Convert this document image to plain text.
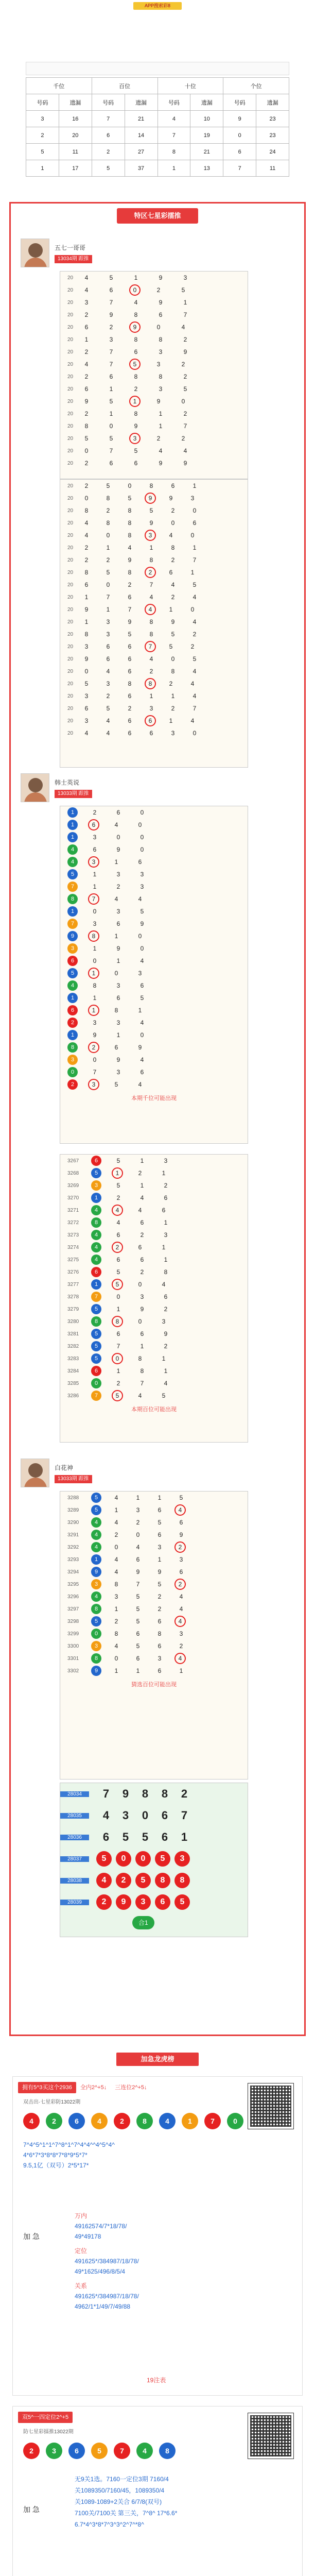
APP搜索彩8
千位		百位		十位		个位	
号码	遗漏	号码	遗漏	号码	遗漏	号码	遗漏
3	16	7	21	4	10	9	23
2	20	6	14	7	19	0	23
5	11	2	27	8	21	6	24
1	17	5	37	1	13	7	11
特区七星彩擂推
五七一哥哥
13034期 跟推
20	4	5	1	9	3
20	4	6	0	2	5
20	3	7	4	9	1
20	2	9	8	6	7
20	6	2	9	0	4
20	1	3	8	8	2
20	2	7	6	3	9
20	4	7	5	3	2
20	2	6	8	8	2
20	6	1	2	3	5
20	9	5	1	9	0
20	2	1	8	1	2
20	8	0	9	1	7
20	5	5	3	2	2
20	0	7	5	4	4
20	2	6	6	9	9
20	2	5	0	8	6	1
20	0	8	5	9	9	3
20	8	2	8	5	2	0
20	4	8	8	9	0	6
20	4	0	8	3	4	0
20	2	1	4	1	8	1
20	2	2	9	8	2	7
20	8	5	8	2	6	1
20	6	0	2	7	4	5
20	1	7	6	4	2	4
20	9	1	7	4	1	0
20	1	3	9	8	9	4
20	8	3	5	8	5	2
20	3	6	6	7	5	2
20	9	6	6	4	0	5
20	0	4	6	2	8	4
20	5	3	8	8	2	4
20	3	2	6	1	1	4
20	6	5	2	3	2	7
20	3	4	6	6	1	4
20	4	4	6	6	3	0
韩士英说
13033期 跟推
1	2	6	0
1	6	4	0
1	3	0	0
4	6	9	0
4	3	1	6
5	1	3	3
7	1	2	3
8	7	4	4
1	0	3	5
7	3	6	9
9	8	1	0
3	1	9	0
6	0	1	4
5	1	0	3
4	8	3	6
1	1	6	5
6	1	8	1
2	3	3	4
1	9	1	0
8	2	6	9
3	0	9	4
0	7	3	6
2	3	5	4
本期千位可能出现
3267	6	5	1	3
3268	5	1	2	1
3269	3	5	1	2
3270	1	2	4	6
3271	4	4	4	6
3272	8	4	6	1
3273	4	6	2	3
3274	4	2	6	1
3275	4	6	6	1
3276	6	5	2	8
3277	1	5	0	4
3278	7	0	3	6
3279	5	1	9	2
3280	8	8	0	3
3281	5	6	6	9
3282	5	7	1	2
3283	5	0	8	1
3284	6	1	8	1
3285	0	2	7	4
3286	7	5	4	5
本期百位可能出现
白花神
13033期 跟推
3288	5	4	1	1	5
3289	5	1	3	6	4
3290	4	4	2	5	6
3291	4	2	0	6	9
3292	4	0	4	3	2
3293	1	4	6	1	3
3294	9	4	9	9	6
3295	3	8	7	5	2
3296	4	3	5	2	4
3297	8	1	5	2	4
3298	5	2	5	6	4
3299	0	8	6	8	3
3300	3	4	5	6	2
3301	8	0	6	3	4
3302	9	1	1	6	1
猜选百位可能出现
28034	7	9	8	8	2
28035	4	3	0	6	7
28036	6	5	5	6	1
28037	5	0	0	5	3
28038	4	2	5	8	8
28039	2	9	3	6	5
合1
加急龙虎榜
拥有5^3买这个2936	全内2^+5↓	三连位2^+5↓
双击出·七星彩防13022期
4	2	6	4	2	8	4	1	7	0
7^4^5^1^1^7^8^1^7^4^4^^4^5^4^
4*6*7*3*8*8*7*8*9*5*7*
9.5,1亿（双号）2*5*17*
加 急
万内
49162574/7*18/78/
49*49178
定位
491625*/384987/18/78/
49*1625/496/8/5/4
关系
491625*/384987/18/78/
4962/1*1/49/7/49/88
19注表
双5^一四定位2^+5
防七星彩擂推13022期
2	3	6	5	7	4	8
加 急
无9关1选。7160一定位3期 7160/4
关1089350/7160/45，1089350/4
关1089-1089+2关合 6/7/8(双号)
7100关/7100关 第三关，7^8^ 17*6.6*
6.7*4^3*8*7^3^3^2^7^*8^
